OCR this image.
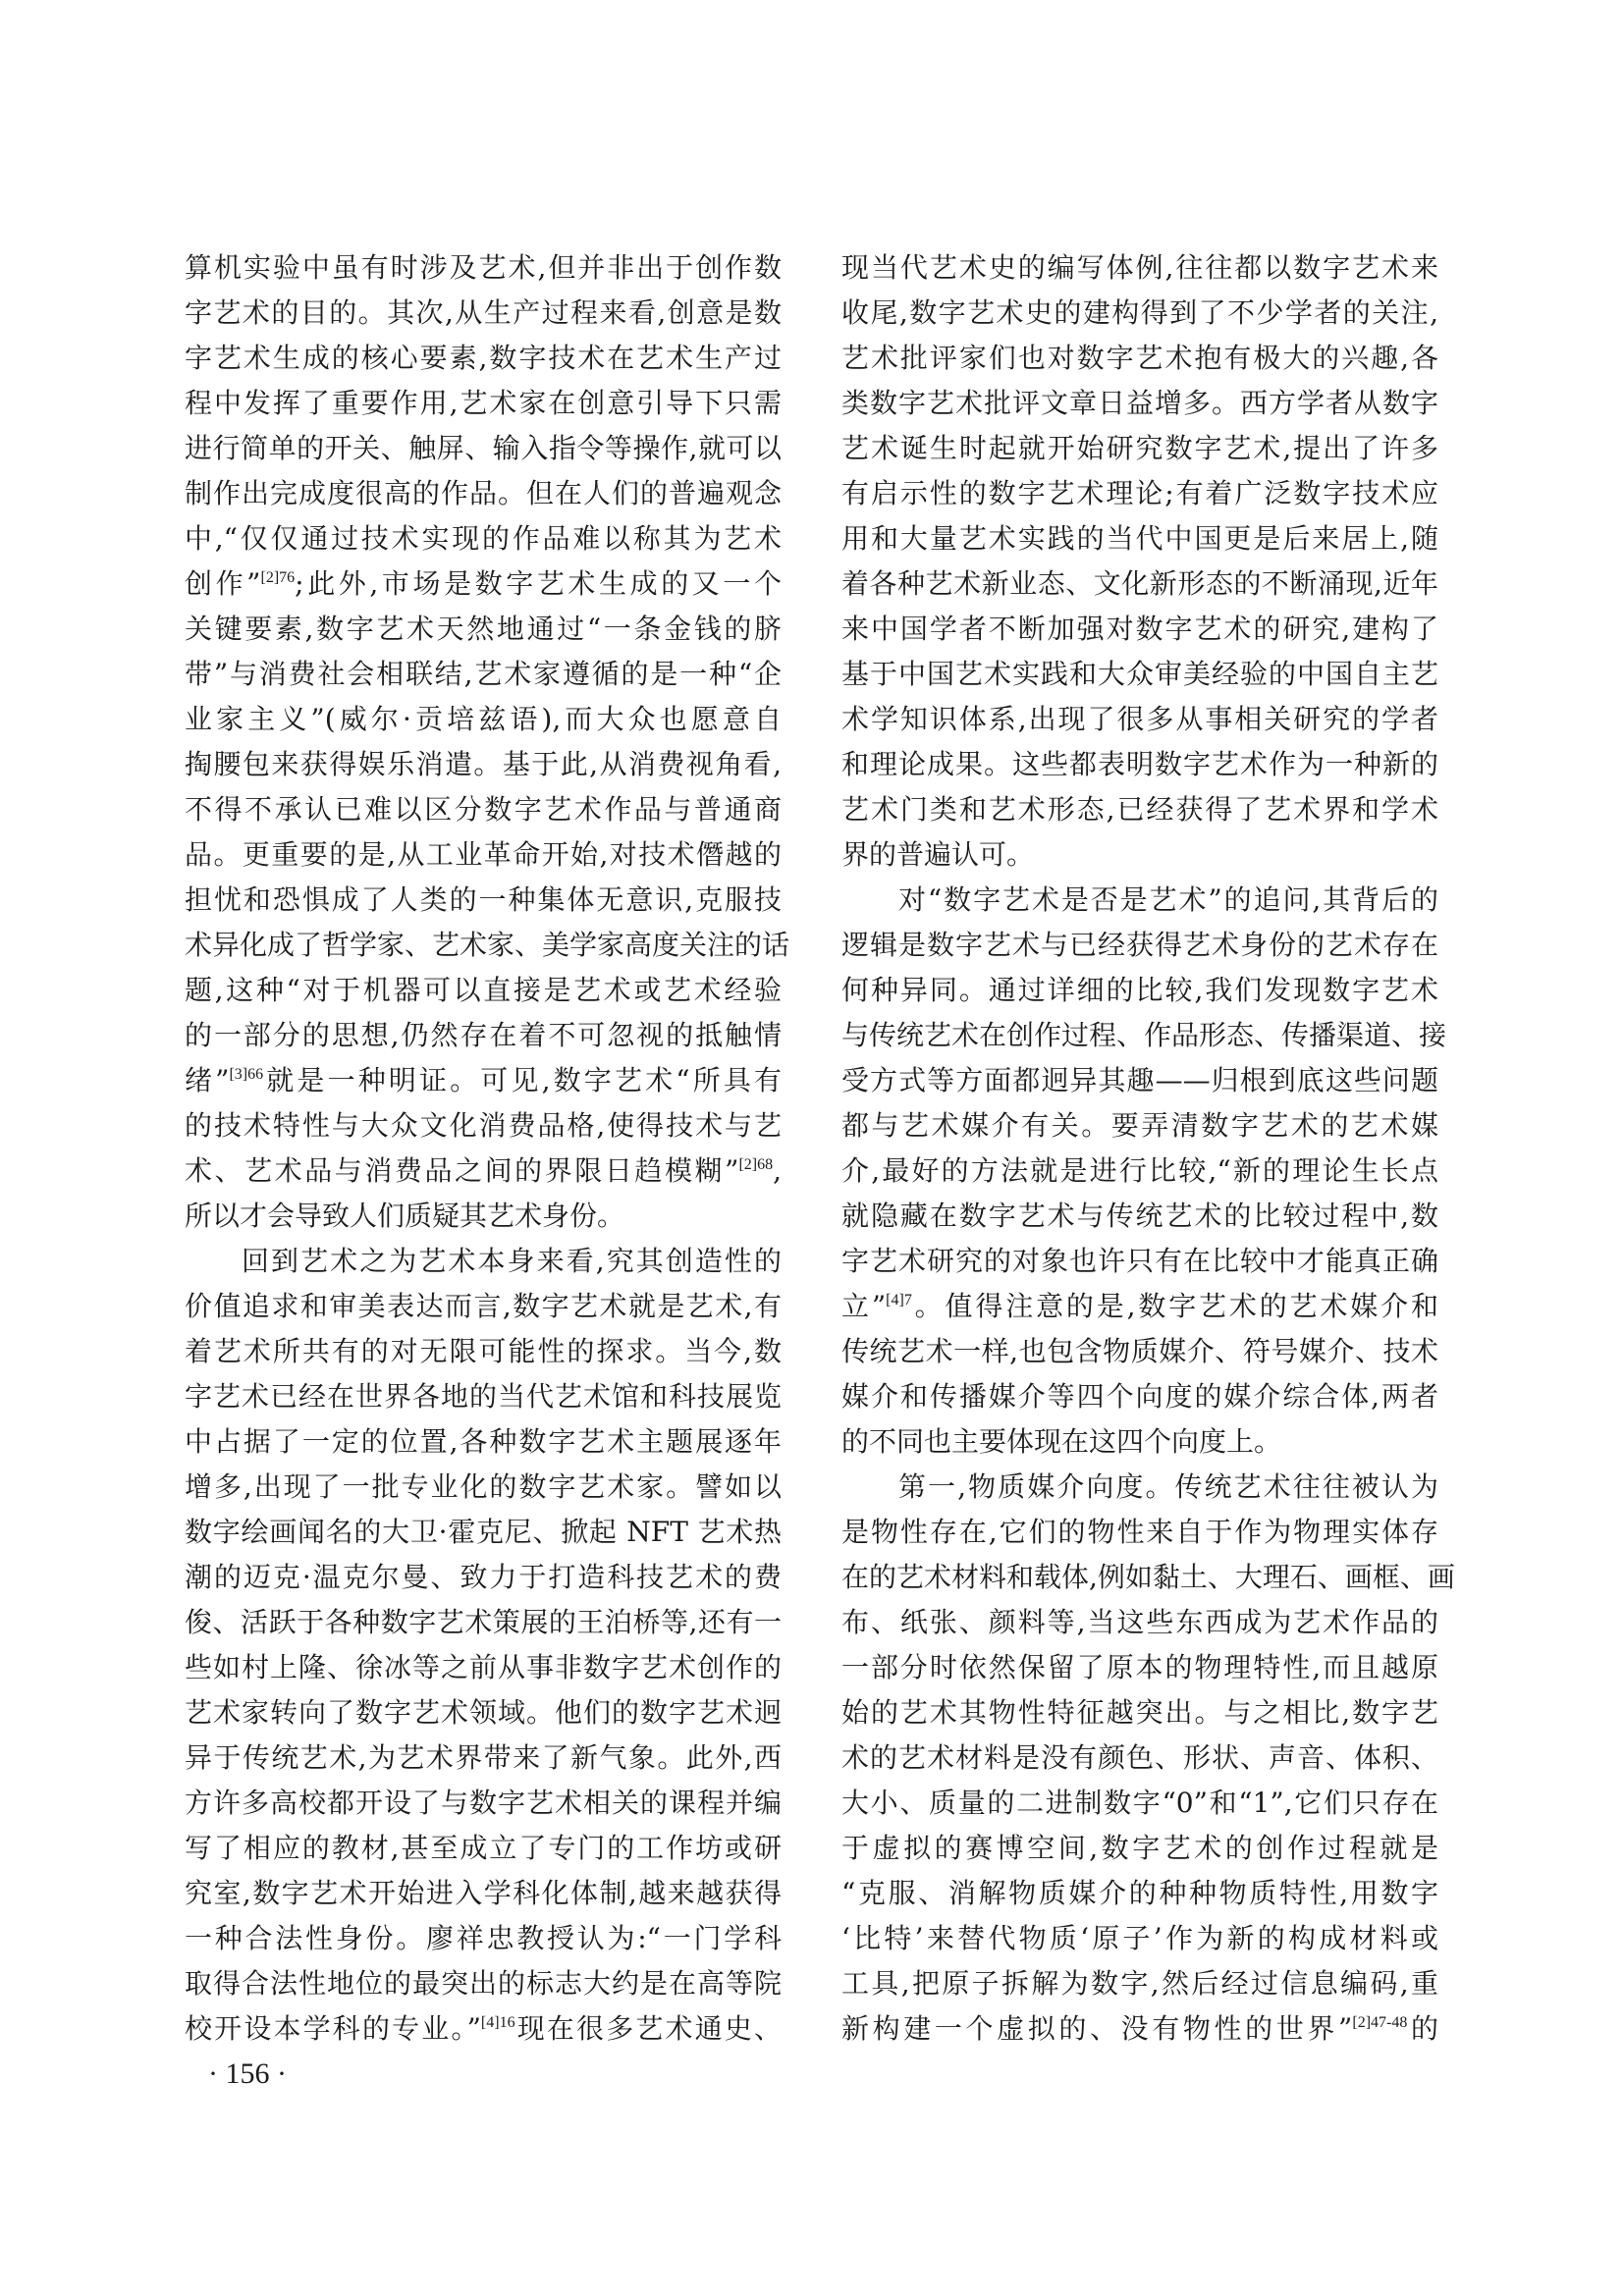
算机实验中虽有时涉及艺术,但并非出于创作数
字艺术的目的。其次,从生产过程来看,创意是数
字艺术生成的核心要素,数字技术在艺术生产过
程中发挥了重要作用,艺术家在创意引导下只需
进行简单的开关、触屏、输入指令等操作,就可以
制作出完成度很高的作品。但在人们的普遍观念
中,“仅仅通过技术实现的作品难以称其为艺术
创作”$^{[2]76}$;此外,市场是数字艺术生成的又一个
关键要素,数字艺术天然地通过“一条金钱的脐
带”与消费社会相联结,艺术家遵循的是一种“企
业家主义”(威尔·贡培兹语),而大众也愿意自
掏腰包来获得娱乐消遣。基于此,从消费视角看,
不得不承认已难以区分数字艺术作品与普通商
品。更重要的是,从工业革命开始,对技术僭越的
担忧和恐惧成了人类的一种集体无意识,克服技
术异化成了哲学家、艺术家、美学家高度关注的话
题,这种“对于机器可以直接是艺术或艺术经验
的一部分的思想,仍然存在着不可忽视的抵触情
绪”$^{[3]66}$就是一种明证。可见,数字艺术“所具有
的技术特性与大众文化消费品格,使得技术与艺
术、艺术品与消费品之间的界限日趋模糊”$^{[2]68}$,
所以才会导致人们质疑其艺术身份。
回到艺术之为艺术本身来看,究其创造性的
价值追求和审美表达而言,数字艺术就是艺术,有
着艺术所共有的对无限可能性的探求。当今,数
字艺术已经在世界各地的当代艺术馆和科技展览
中占据了一定的位置,各种数字艺术主题展逐年
增多,出现了一批专业化的数字艺术家。譬如以
数字绘画闻名的大卫·霍克尼、掀起 NFT 艺术热
潮的迈克·温克尔曼、致力于打造科技艺术的费
俊、活跃于各种数字艺术策展的王泊桥等,还有一
些如村上隆、徐冰等之前从事非数字艺术创作的
艺术家转向了数字艺术领域。他们的数字艺术迥
异于传统艺术,为艺术界带来了新气象。此外,西
方许多高校都开设了与数字艺术相关的课程并编
写了相应的教材,甚至成立了专门的工作坊或研
究室,数字艺术开始进入学科化体制,越来越获得
一种合法性身份。廖祥忠教授认为:“一门学科
取得合法性地位的最突出的标志大约是在高等院
校开设本学科的专业。”$^{[4]16}$现在很多艺术通史、
现当代艺术史的编写体例,往往都以数字艺术来
收尾,数字艺术史的建构得到了不少学者的关注,
艺术批评家们也对数字艺术抱有极大的兴趣,各
类数字艺术批评文章日益增多。西方学者从数字
艺术诞生时起就开始研究数字艺术,提出了许多
有启示性的数字艺术理论;有着广泛数字技术应
用和大量艺术实践的当代中国更是后来居上,随
着各种艺术新业态、文化新形态的不断涌现,近年
来中国学者不断加强对数字艺术的研究,建构了
基于中国艺术实践和大众审美经验的中国自主艺
术学知识体系,出现了很多从事相关研究的学者
和理论成果。这些都表明数字艺术作为一种新的
艺术门类和艺术形态,已经获得了艺术界和学术
界的普遍认可。
对“数字艺术是否是艺术”的追问,其背后的
逻辑是数字艺术与已经获得艺术身份的艺术存在
何种异同。通过详细的比较,我们发现数字艺术
与传统艺术在创作过程、作品形态、传播渠道、接
受方式等方面都迥异其趣——归根到底这些问题
都与艺术媒介有关。要弄清数字艺术的艺术媒
介,最好的方法就是进行比较,“新的理论生长点
就隐藏在数字艺术与传统艺术的比较过程中,数
字艺术研究的对象也许只有在比较中才能真正确
立”$^{[4]7}$。值得注意的是,数字艺术的艺术媒介和
传统艺术一样,也包含物质媒介、符号媒介、技术
媒介和传播媒介等四个向度的媒介综合体,两者
的不同也主要体现在这四个向度上。
第一,物质媒介向度。传统艺术往往被认为
是物性存在,它们的物性来自于作为物理实体存
在的艺术材料和载体,例如黏土、大理石、画框、画
布、纸张、颜料等,当这些东西成为艺术作品的
一部分时依然保留了原本的物理特性,而且越原
始的艺术其物性特征越突出。与之相比,数字艺
术的艺术材料是没有颜色、形状、声音、体积、
大小、质量的二进制数字“0”和“1”,它们只存在
于虚拟的赛博空间,数字艺术的创作过程就是
“克服、消解物质媒介的种种物质特性,用数字
‘比特’来替代物质‘原子’作为新的构成材料或
工具,把原子拆解为数字,然后经过信息编码,重
新构建一个虚拟的、没有物性的世界”$^{[2]47-48}$的
· 156 ·
